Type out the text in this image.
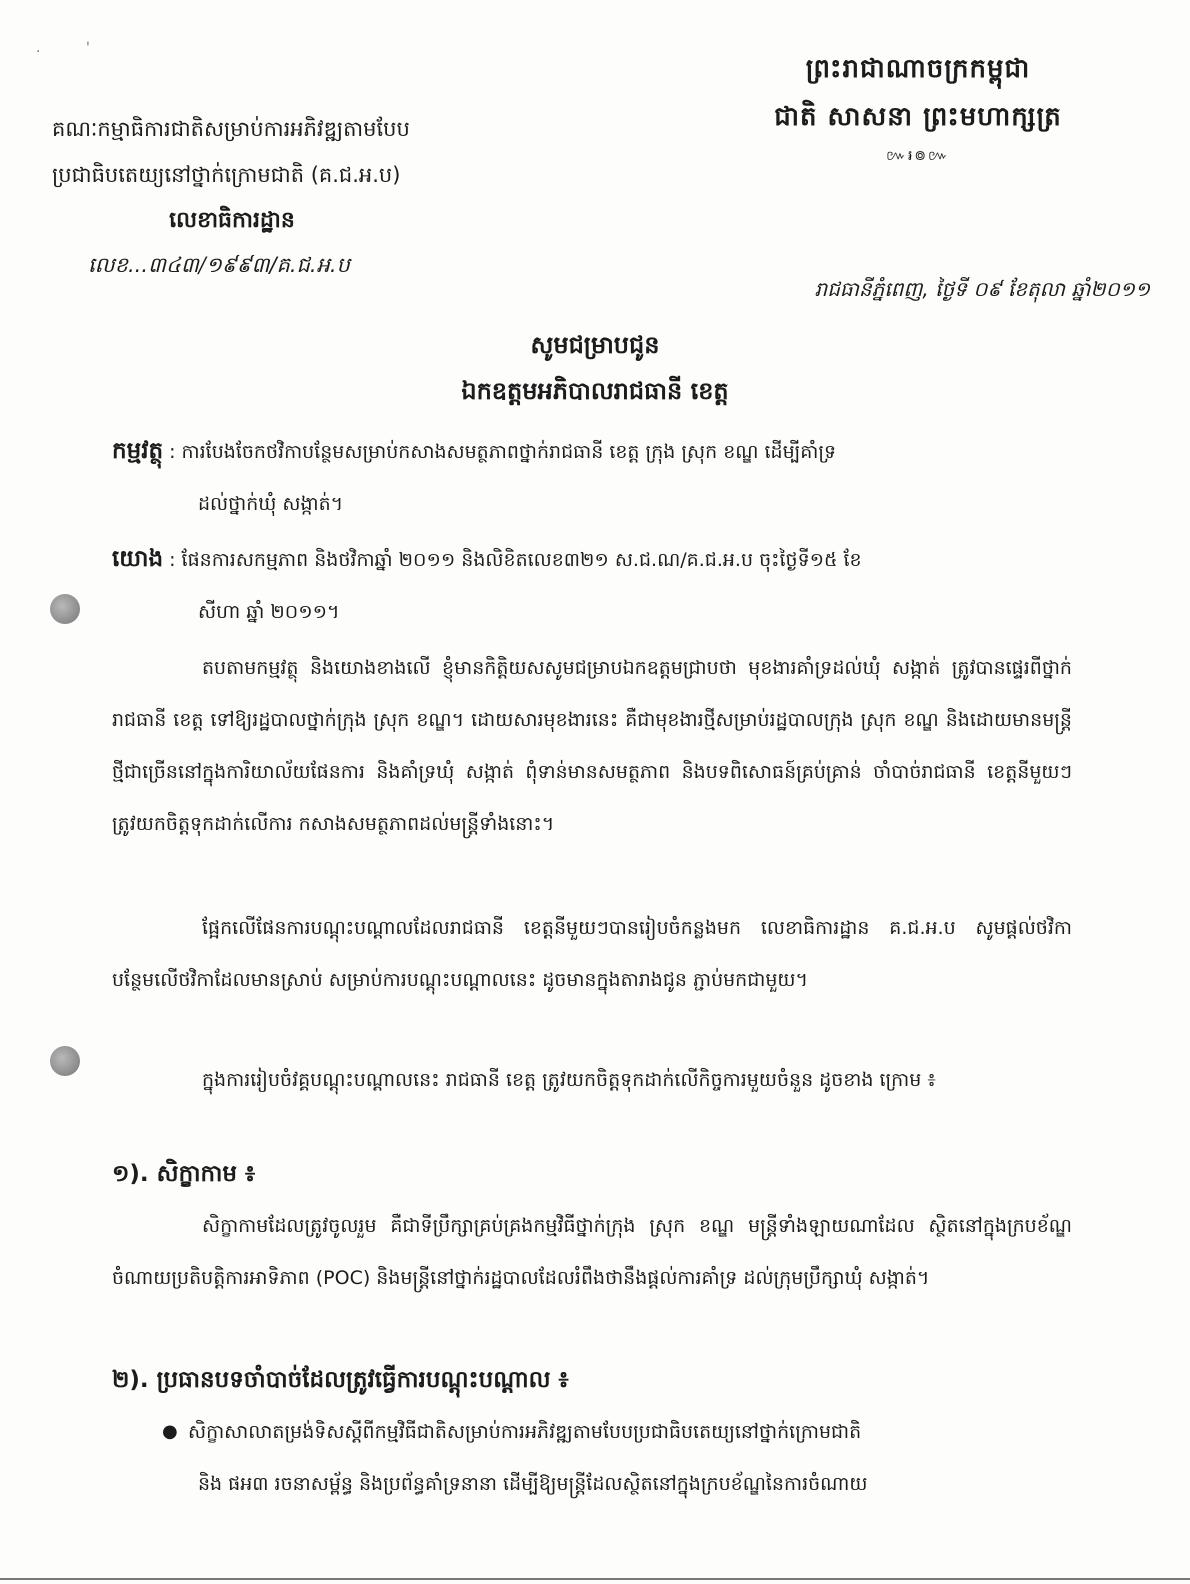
·	'
ព្រះរាជាណាចក្រកម្ពុជា
ជាតិ សាសនា ព្រះមហាក្សត្រ
៚៛៙៚
គណៈកម្មាធិការជាតិសម្រាប់ការអភិវឌ្ឍតាមបែប
ប្រជាធិបតេយ្យនៅថ្នាក់ក្រោមជាតិ (គ.ជ.អ.ប)
លេខាធិការដ្ឋាន
លេខ...៣៤៣/១៩៩៣/គ.ជ.អ.ប
រាជធានីភ្នំពេញ, ថ្ងៃទី ០៩ ខែតុលា ឆ្នាំ២០១១
សូមជម្រាបជូន
ឯកឧត្តមអភិបាលរាជធានី ខេត្ត
កម្មវត្ថុ : ការបែងចែកថវិកាបន្ថែមសម្រាប់កសាងសមត្ថភាពថ្នាក់រាជធានី ខេត្ត ក្រុង ស្រុក ខណ្ឌ ដើម្បីគាំទ្រ
ដល់ថ្នាក់ឃុំ សង្កាត់។
យោង : ផែនការសកម្មភាព និងថវិកាឆ្នាំ ២០១១ និងលិខិតលេខ៣២១ ស.ជ.ណ/គ.ជ.អ.ប ចុះថ្ងៃទី១៥ ខែ
សីហា ឆ្នាំ ២០១១។
តបតាមកម្មវត្ថុ និងយោងខាងលើ ខ្ញុំមានកិត្តិយសសូមជម្រាបឯកឧត្តមជ្រាបថា មុខងារគាំទ្រដល់ឃុំ សង្កាត់ ត្រូវបានផ្ទេរពីថ្នាក់រាជធានី ខេត្ត ទៅឱ្យរដ្ឋបាលថ្នាក់ក្រុង ស្រុក ខណ្ឌ។ ដោយសារមុខងារនេះ គឺជាមុខងារថ្មីសម្រាប់រដ្ឋបាលក្រុង ស្រុក ខណ្ឌ និងដោយមានមន្ត្រីថ្មីជាច្រើននៅក្នុងការិយាល័យផែនការ និងគាំទ្រឃុំ សង្កាត់ ពុំទាន់មានសមត្ថភាព និងបទពិសោធន៍គ្រប់គ្រាន់ ចាំបាច់រាជធានី ខេត្តនីមួយៗត្រូវយកចិត្តទុកដាក់លើការ កសាងសមត្ថភាពដល់មន្ត្រីទាំងនោះ។
ផ្អែកលើផែនការបណ្តុះបណ្តាលដែលរាជធានី ខេត្តនីមួយៗបានរៀបចំកន្លងមក លេខាធិការដ្ឋាន គ.ជ.អ.ប សូមផ្តល់ថវិកាបន្ថែមលើថវិកាដែលមានស្រាប់ សម្រាប់ការបណ្តុះបណ្តាលនេះ ដូចមានក្នុងតារាងជូន ភ្ជាប់មកជាមួយ។
ក្នុងការរៀបចំវគ្គបណ្តុះបណ្តាលនេះ រាជធានី ខេត្ត ត្រូវយកចិត្តទុកដាក់លើកិច្ចការមួយចំនួន ដូចខាង ក្រោម ៖
១). សិក្ខាកាម ៖
សិក្ខាកាមដែលត្រូវចូលរួម គឺជាទីប្រឹក្សាគ្រប់គ្រងកម្មវិធីថ្នាក់ក្រុង ស្រុក ខណ្ឌ មន្ត្រីទាំងឡាយណាដែល ស្ថិតនៅក្នុងក្របខ័ណ្ឌចំណាយប្រតិបត្តិការអាទិភាព (POC) និងមន្ត្រីនៅថ្នាក់រដ្ឋបាលដែលរំពឹងថានឹងផ្តល់ការគាំទ្រ ដល់ក្រុមប្រឹក្សាឃុំ សង្កាត់។
២). ប្រធានបទចាំបាច់ដែលត្រូវធ្វើការបណ្តុះបណ្តាល ៖
● សិក្ខាសាលាតម្រង់ទិសស្តីពីកម្មវិធីជាតិសម្រាប់ការអភិវឌ្ឍតាមបែបប្រជាធិបតេយ្យនៅថ្នាក់ក្រោមជាតិ
និង ផអ៣ រចនាសម្ព័ន្ធ និងប្រព័ន្ធគាំទ្រនានា ដើម្បីឱ្យមន្ត្រីដែលស្ថិតនៅក្នុងក្របខ័ណ្ឌនៃការចំណាយ
